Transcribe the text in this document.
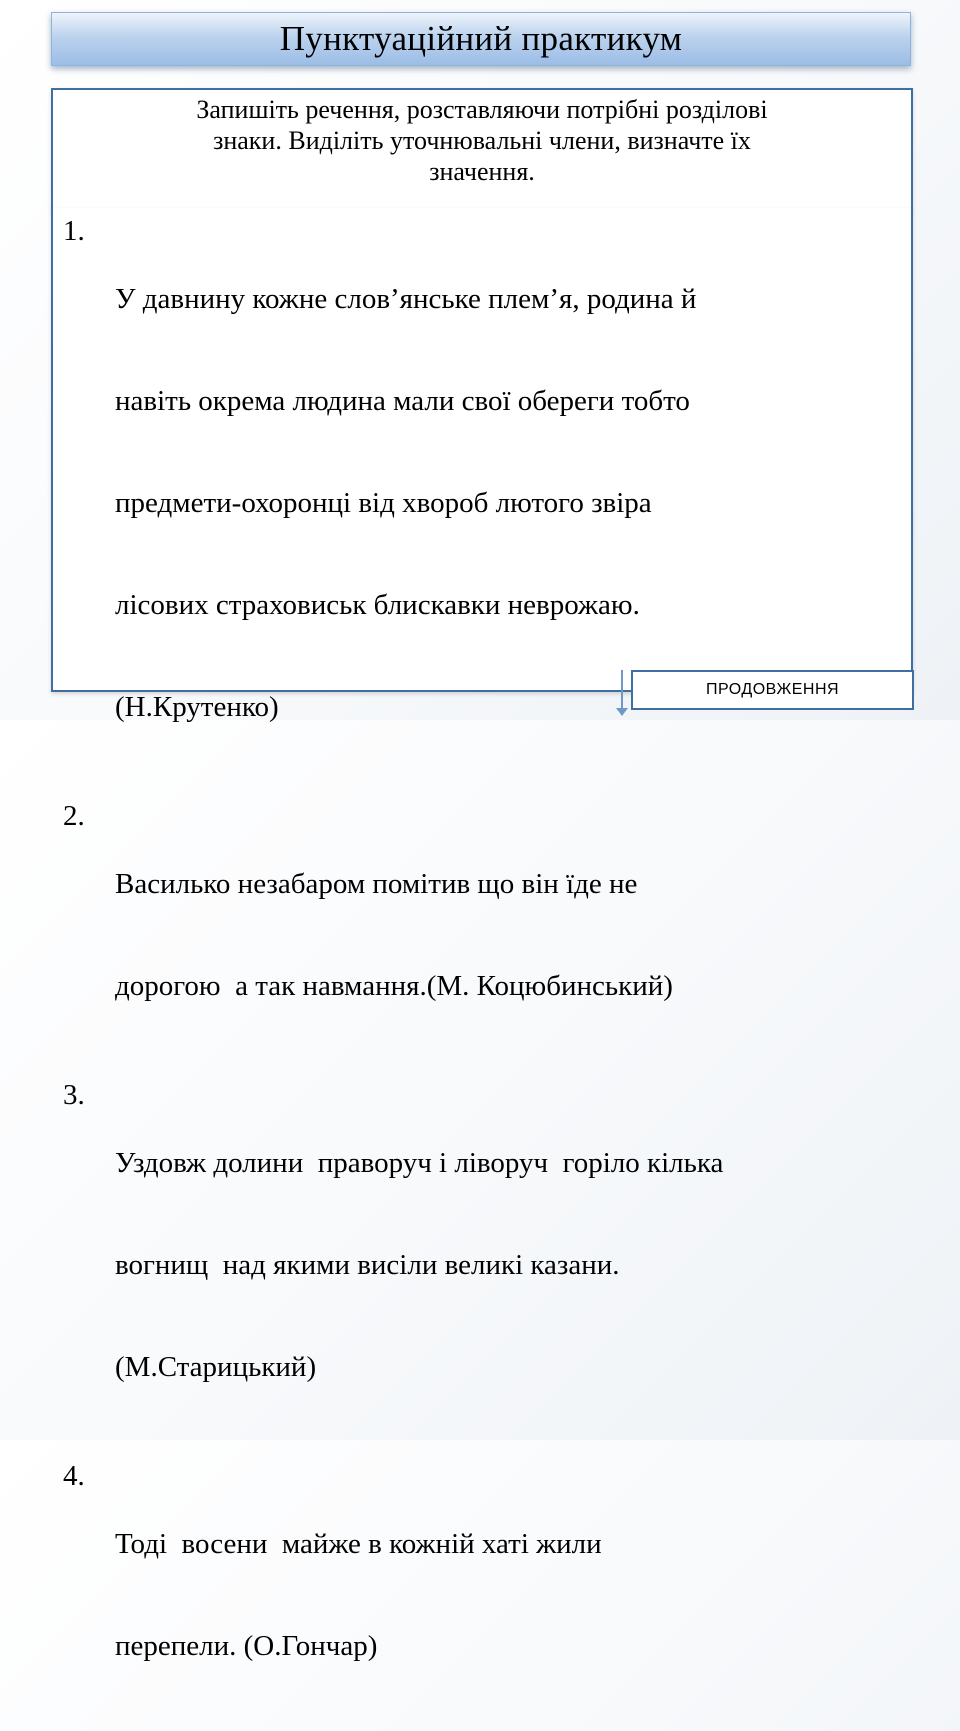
Пунктуаційний практикум
Запишіть речення, розставляючи потрібні розділові
знаки. Виділіть уточнювальні члени, визначте їх
значення.
1.

У давнину кожне слов’янське плем’я, родина й

навіть окрема людина мали свої обереги тобто

предмети-охоронці від хвороб лютого звіра

лісових страховиськ блискавки неврожаю.

(Н.Крутенко)

2.

Василько незабаром помітив що він їде не

дорогою  а так навмання.(М. Коцюбинський)

3.

Уздовж долини  праворуч і ліворуч  горіло кілька

вогнищ  над якими висіли великі казани.

(М.Старицький)

4.

Тоді  восени  майже в кожній хаті жили

перепели. (О.Гончар)

ПРОДОВЖЕННЯ
